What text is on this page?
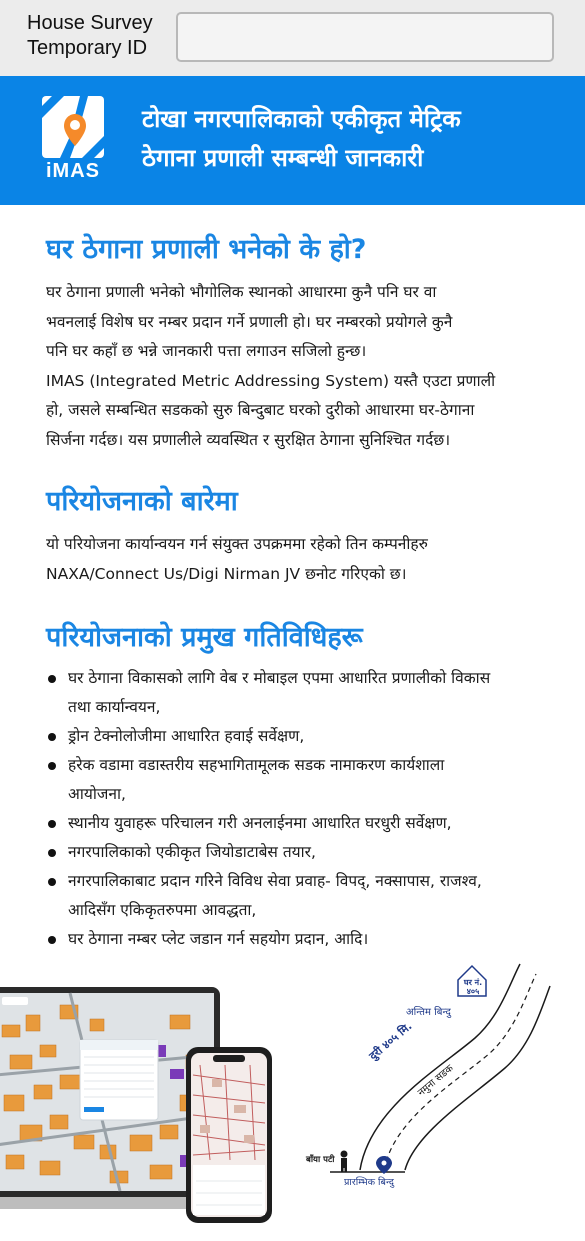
House Survey
Temporary ID
iMAS
टोखा नगरपालिकाको एकीकृत मेट्रिक
ठेगाना प्रणाली सम्बन्धी जानकारी
घर ठेगाना प्रणाली भनेको के हो?
घर ठेगाना प्रणाली भनेको भौगोलिक स्थानको आधारमा कुनै पनि घर वा
भवनलाई विशेष घर नम्बर प्रदान गर्ने प्रणाली हो। घर नम्बरको प्रयोगले कुनै
पनि घर कहाँ छ भन्ने जानकारी पत्ता लगाउन सजिलो हुन्छ।
IMAS (Integrated Metric Addressing System) यस्तै एउटा प्रणाली
हो, जसले सम्बन्धित सडकको सुरु बिन्दुबाट घरको दुरीको आधारमा घर-ठेगाना
सिर्जना गर्दछ। यस प्रणालीले व्यवस्थित र सुरक्षित ठेगाना सुनिश्चित गर्दछ।
परियोजनाको बारेमा
यो परियोजना कार्यान्वयन गर्न संयुक्त उपक्रममा रहेको तिन कम्पनीहरु
NAXA/Connect Us/Digi Nirman JV छनोट गरिएको छ।
परियोजनाको प्रमुख गतिविधिहरू
घर ठेगाना विकासको लागि वेब र मोबाइल एपमा आधारित प्रणालीको विकास
तथा कार्यान्वयन,
ड्रोन टेक्नोलोजीमा आधारित हवाई सर्वेक्षण,
हरेक वडामा वडास्तरीय सहभागितामूलक सडक नामाकरण कार्यशाला
आयोजना,
स्थानीय युवाहरू परिचालन गरी अनलाईनमा आधारित घरधुरी सर्वेक्षण,
नगरपालिकाको एकीकृत जियोडाटाबेस तयार,
नगरपालिकाबाट प्रदान गरिने विविध सेवा प्रवाह- विपद्, नक्सापास, राजश्व,
आदिसँग एकिकृतरुपमा आवद्धता,
घर ठेगाना नम्बर प्लेट जडान गर्न सहयोग प्रदान, आदि।
घर नं.
४०५
अन्तिम बिन्दु
दुरी ४०५ मि.
नमुना सडक
बाँया पटी
प्रारम्भिक बिन्दु
